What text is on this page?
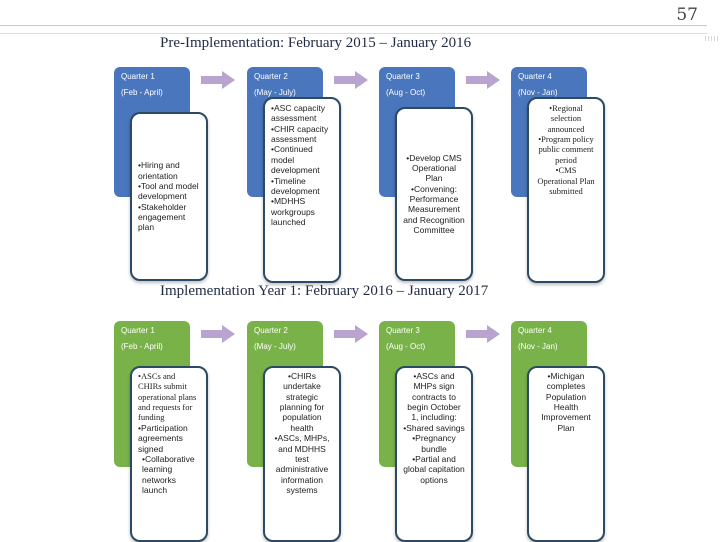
57
Pre-Implementation: February 2015 – January 2016
Implementation Year 1: February 2016 – January 2017
Quarter 1
(Feb - April)

•Hiring and orientation

•Tool and model development

•Stakeholder engagement plan

Quarter 2
(May - July)

•ASC capacity assessment

•CHIR capacity assessment

•Continued model development

•Timeline development

•MDHHS workgroups launched

Quarter 3
(Aug - Oct)

•Develop CMS Operational Plan

•Convening: Performance Measurement and Recognition Committee

Quarter 4
(Nov - Jan)

•Regional selection announced

•Program policy public comment period

•CMS Operational Plan submitted

Quarter 1
(Feb - April)

•ASCs and CHIRs submit operational plans and requests for funding

•Participation agreements signed

•Collaborative learning networks launch

Quarter 2
(May - July)

•CHIRs undertake strategic planning for population health

•ASCs, MHPs, and MDHHS test administrative information systems

Quarter 3
(Aug - Oct)

•ASCs and MHPs sign contracts to begin October 1, including:

•Shared savings

•Pregnancy bundle

•Partial and global capitation options

Quarter 4
(Nov - Jan)

•Michigan completes Population Health Improvement Plan
